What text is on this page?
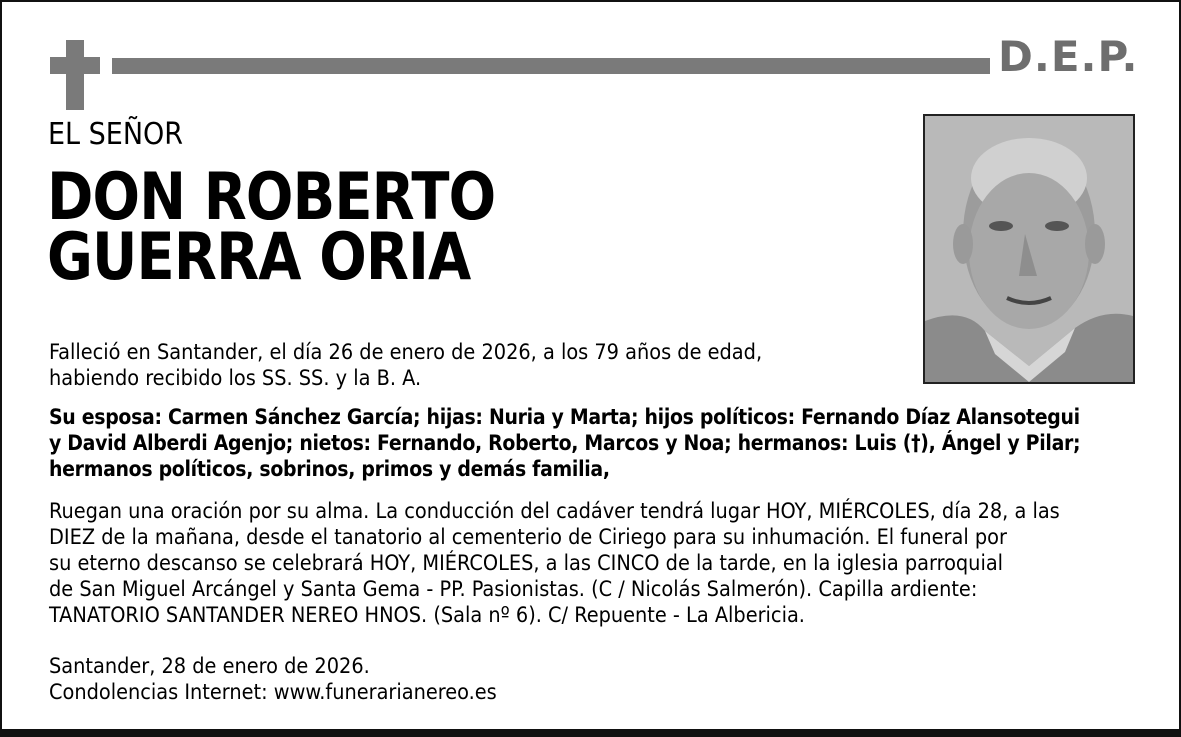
D.E.P.
EL SEÑOR
DON ROBERTO
GUERRA ORIA
Falleció en Santander, el día 26 de enero de 2026, a los 79 años de edad,
habiendo recibido los SS. SS. y la B. A.
Su esposa: Carmen Sánchez García; hijas: Nuria y Marta; hijos políticos: Fernando Díaz Alansotegui
y David Alberdi Agenjo; nietos: Fernando, Roberto, Marcos y Noa; hermanos: Luis (†), Ángel y Pilar;
hermanos políticos, sobrinos, primos y demás familia,
Ruegan una oración por su alma. La conducción del cadáver tendrá lugar HOY, MIÉRCOLES, día 28, a las
DIEZ de la mañana, desde el tanatorio al cementerio de Ciriego para su inhumación. El funeral por
su eterno descanso se celebrará HOY, MIÉRCOLES, a las CINCO de la tarde, en la iglesia parroquial
de San Miguel Arcángel y Santa Gema - PP. Pasionistas. (C / Nicolás Salmerón). Capilla ardiente:
TANATORIO SANTANDER NEREO HNOS. (Sala nº 6). C/ Repuente - La Albericia.
Santander, 28 de enero de 2026.
Condolencias Internet: www.funerarianereo.es
